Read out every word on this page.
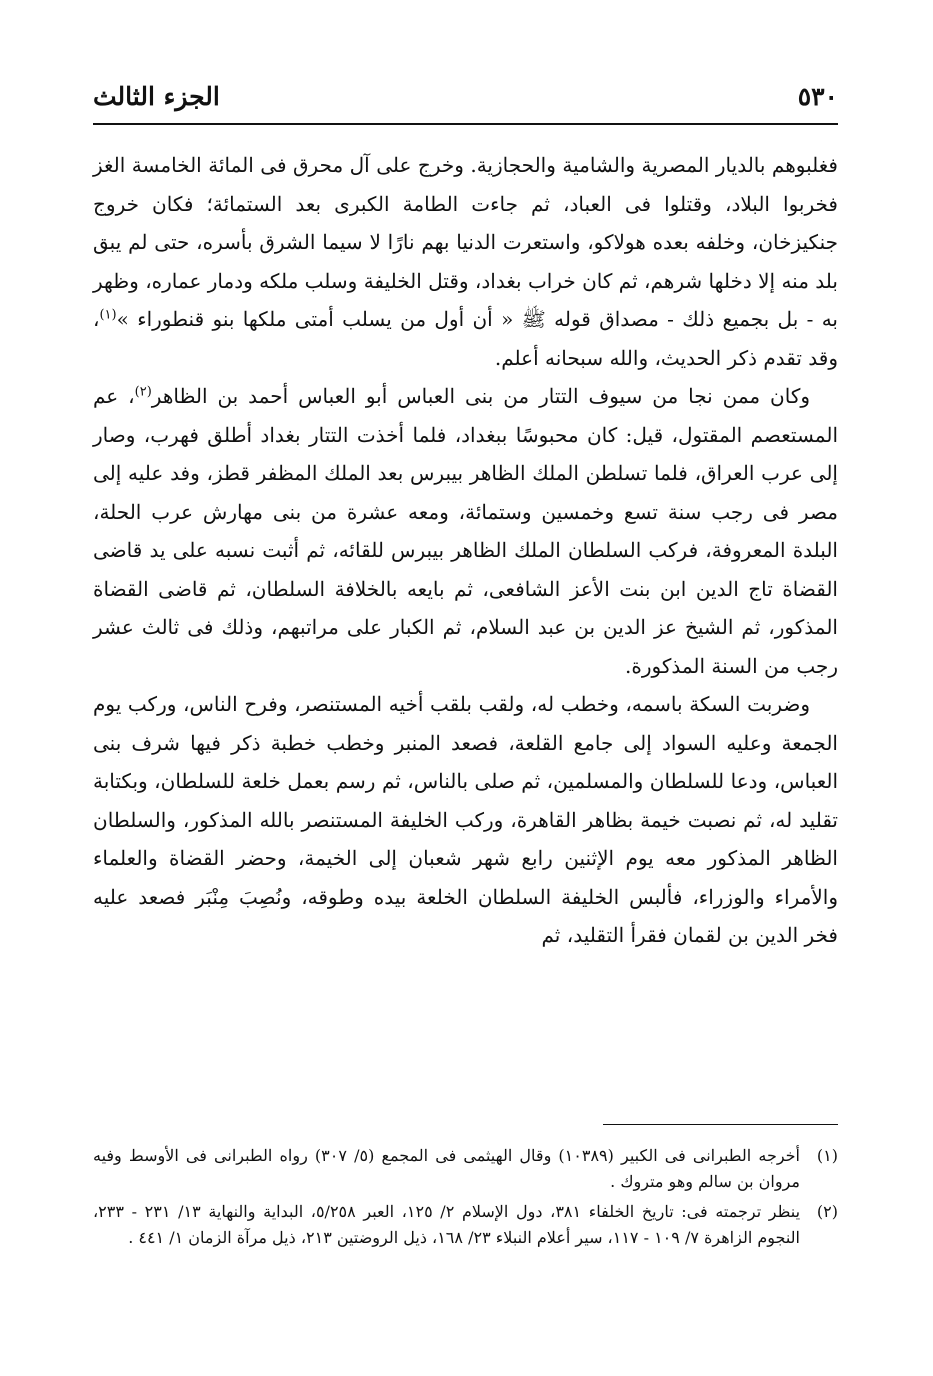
٥٣٠
الجزء الثالث

فغلبوهم بالديار المصرية والشامية والحجازية. وخرج على آل محرق فى المائة الخامسة الغز فخربوا البلاد، وقتلوا فى العباد، ثم جاءت الطامة الكبرى بعد الستمائة؛ فكان خروج جنكيزخان، وخلفه بعده هولاكو، واستعرت الدنيا بهم نارًا لا سيما الشرق بأسره، حتى لم يبق بلد منه إلا دخلها شرهم، ثم كان خراب بغداد، وقتل الخليفة وسلب ملكه ودمار عماره، وظهر به - بل بجميع ذلك - مصداق قوله ﷺ « أن أول من يسلب أمتى ملكها بنو قنطوراء »$^{(١)}$، وقد تقدم ذكر الحديث، والله سبحانه أعلم.

وكان ممن نجا من سيوف التتار من بنى العباس أبو العباس أحمد بن الظاهر$^{(٢)}$، عم المستعصم المقتول، قيل: كان محبوسًا ببغداد، فلما أخذت التتار بغداد أطلق فهرب، وصار إلى عرب العراق، فلما تسلطن الملك الظاهر بيبرس بعد الملك المظفر قطز، وفد عليه إلى مصر فى رجب سنة تسع وخمسين وستمائة، ومعه عشرة من بنى مهارش عرب الحلة، البلدة المعروفة، فركب السلطان الملك الظاهر بيبرس للقائه، ثم أثبت نسبه على يد قاضى القضاة تاج الدين ابن بنت الأعز الشافعى، ثم بايعه بالخلافة السلطان، ثم قاضى القضاة المذكور، ثم الشيخ عز الدين بن عبد السلام، ثم الكبار على مراتبهم، وذلك فى ثالث عشر رجب من السنة المذكورة.

وضربت السكة باسمه، وخطب له، ولقب بلقب أخيه المستنصر، وفرح الناس، وركب يوم الجمعة وعليه السواد إلى جامع القلعة، فصعد المنبر وخطب خطبة ذكر فيها شرف بنى العباس، ودعا للسلطان والمسلمين، ثم صلى بالناس، ثم رسم بعمل خلعة للسلطان، وبكتابة تقليد له، ثم نصبت خيمة بظاهر القاهرة، وركب الخليفة المستنصر بالله المذكور، والسلطان الظاهر المذكور معه يوم الإثنين رابع شهر شعبان إلى الخيمة، وحضر القضاة والعلماء والأمراء والوزراء، فألبس الخليفة السلطان الخلعة بيده وطوقه، ونُصِبَ مِنْبَر فصعد عليه فخر الدين بن لقمان فقرأ التقليد، ثم

(١)
أخرجه الطبرانى فى الكبير (١٠٣٨٩) وقال الهيثمى فى المجمع (٥/ ٣٠٧) رواه الطبرانى فى الأوسط وفيه مروان بن سالم وهو متروك .
(٢)
ينظر ترجمته فى: تاريخ الخلفاء ٣٨١، دول الإسلام ٢/ ١٢٥، العبر ٥/٢٥٨، البداية والنهاية ١٣/ ٢٣١ - ٢٣٣، النجوم الزاهرة ٧/ ١٠٩ - ١١٧، سير أعلام النبلاء ٢٣/ ١٦٨، ذيل الروضتين ٢١٣، ذيل مرآة الزمان ١/ ٤٤١ .
